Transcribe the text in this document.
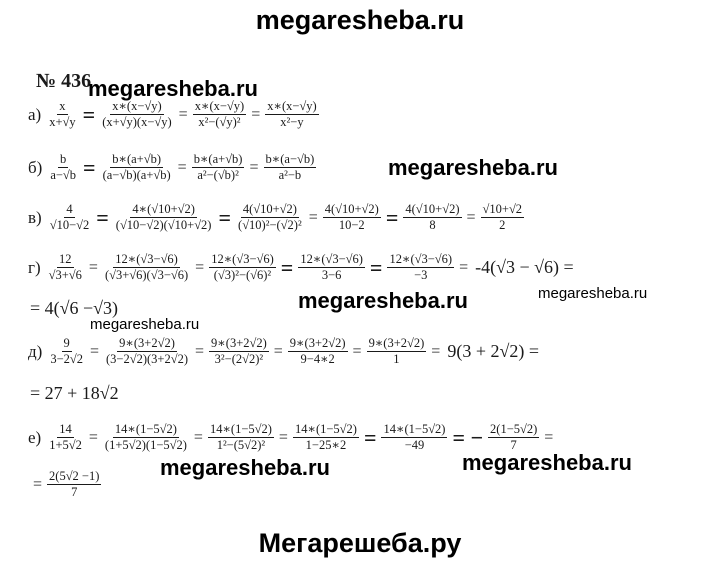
megaresheba.ru
Мегарешеба.ру
№ 436
megaresheba.ru
megaresheba.ru
megaresheba.ru	megaresheba.ru
megaresheba.ru
megaresheba.ru	megaresheba.ru
$а) \frac{x}{x+√y} = \frac{x∗(x-√y)}{(x+√y)(x-√y)} = \frac{x∗(x-√y)}{\text{x²−(√y)²}} = \frac{x∗(x-√y)}{\text{x²−y}}$
$б) \frac{b}{a-√b} = \frac{b∗(a+√b)}{(a-√b)(a+√b)} = \frac{b∗(a+√b)}{\text{a²−(√b)²}} = \frac{b∗(a-√b)}{\text{a²−b}}$
$в) \frac{4}{√10-√2} = \frac{4∗(√10+√2)}{(√10-√2)(√10+√2)} = \frac{4(√10+√2)}{\text{(√10)²−(√2)²}} = \frac{4(√10+√2)}{10-2} = \frac{4(√10+√2)}{8} = \frac{√10+√2}{2}$
$г) \frac{12}{√3+√6} = \frac{12∗(√3-√6)}{(√3+√6)(√3-√6)} = \frac{12∗(√3-√6)}{\text{(√3)²−(√6)²}} = \frac{12∗(√3-√6)}{3-6} = \frac{12∗(√3-√6)}{-3} = -4(√3 - √6)$ =
= 4(√6 −√3)
$д) \frac{9}{3-2√2} = \frac{9∗(3+2√2)}{(3-2√2)(3+2√2)} = \frac{9∗(3+2√2)}{\text{3²−(2√2)²}} = \frac{9∗(3+2√2)}{9-4∗2} = \frac{9∗(3+2√2)}{1} = 9(3 + 2√2)$ =
= 27 + 18√2
$е) \frac{14}{1+5√2} = \frac{14∗(1-5√2)}{(1+5√2)(1-5√2)} = \frac{14∗(1-5√2)}{\text{1²−(5√2)²}} = \frac{14∗(1-5√2)}{1-25∗2} = \frac{14∗(1-5√2)}{-49}$ = − $\frac{2(1-5√2)}{7}$ =
= $\frac{2(5√2 -1)}{7}$
